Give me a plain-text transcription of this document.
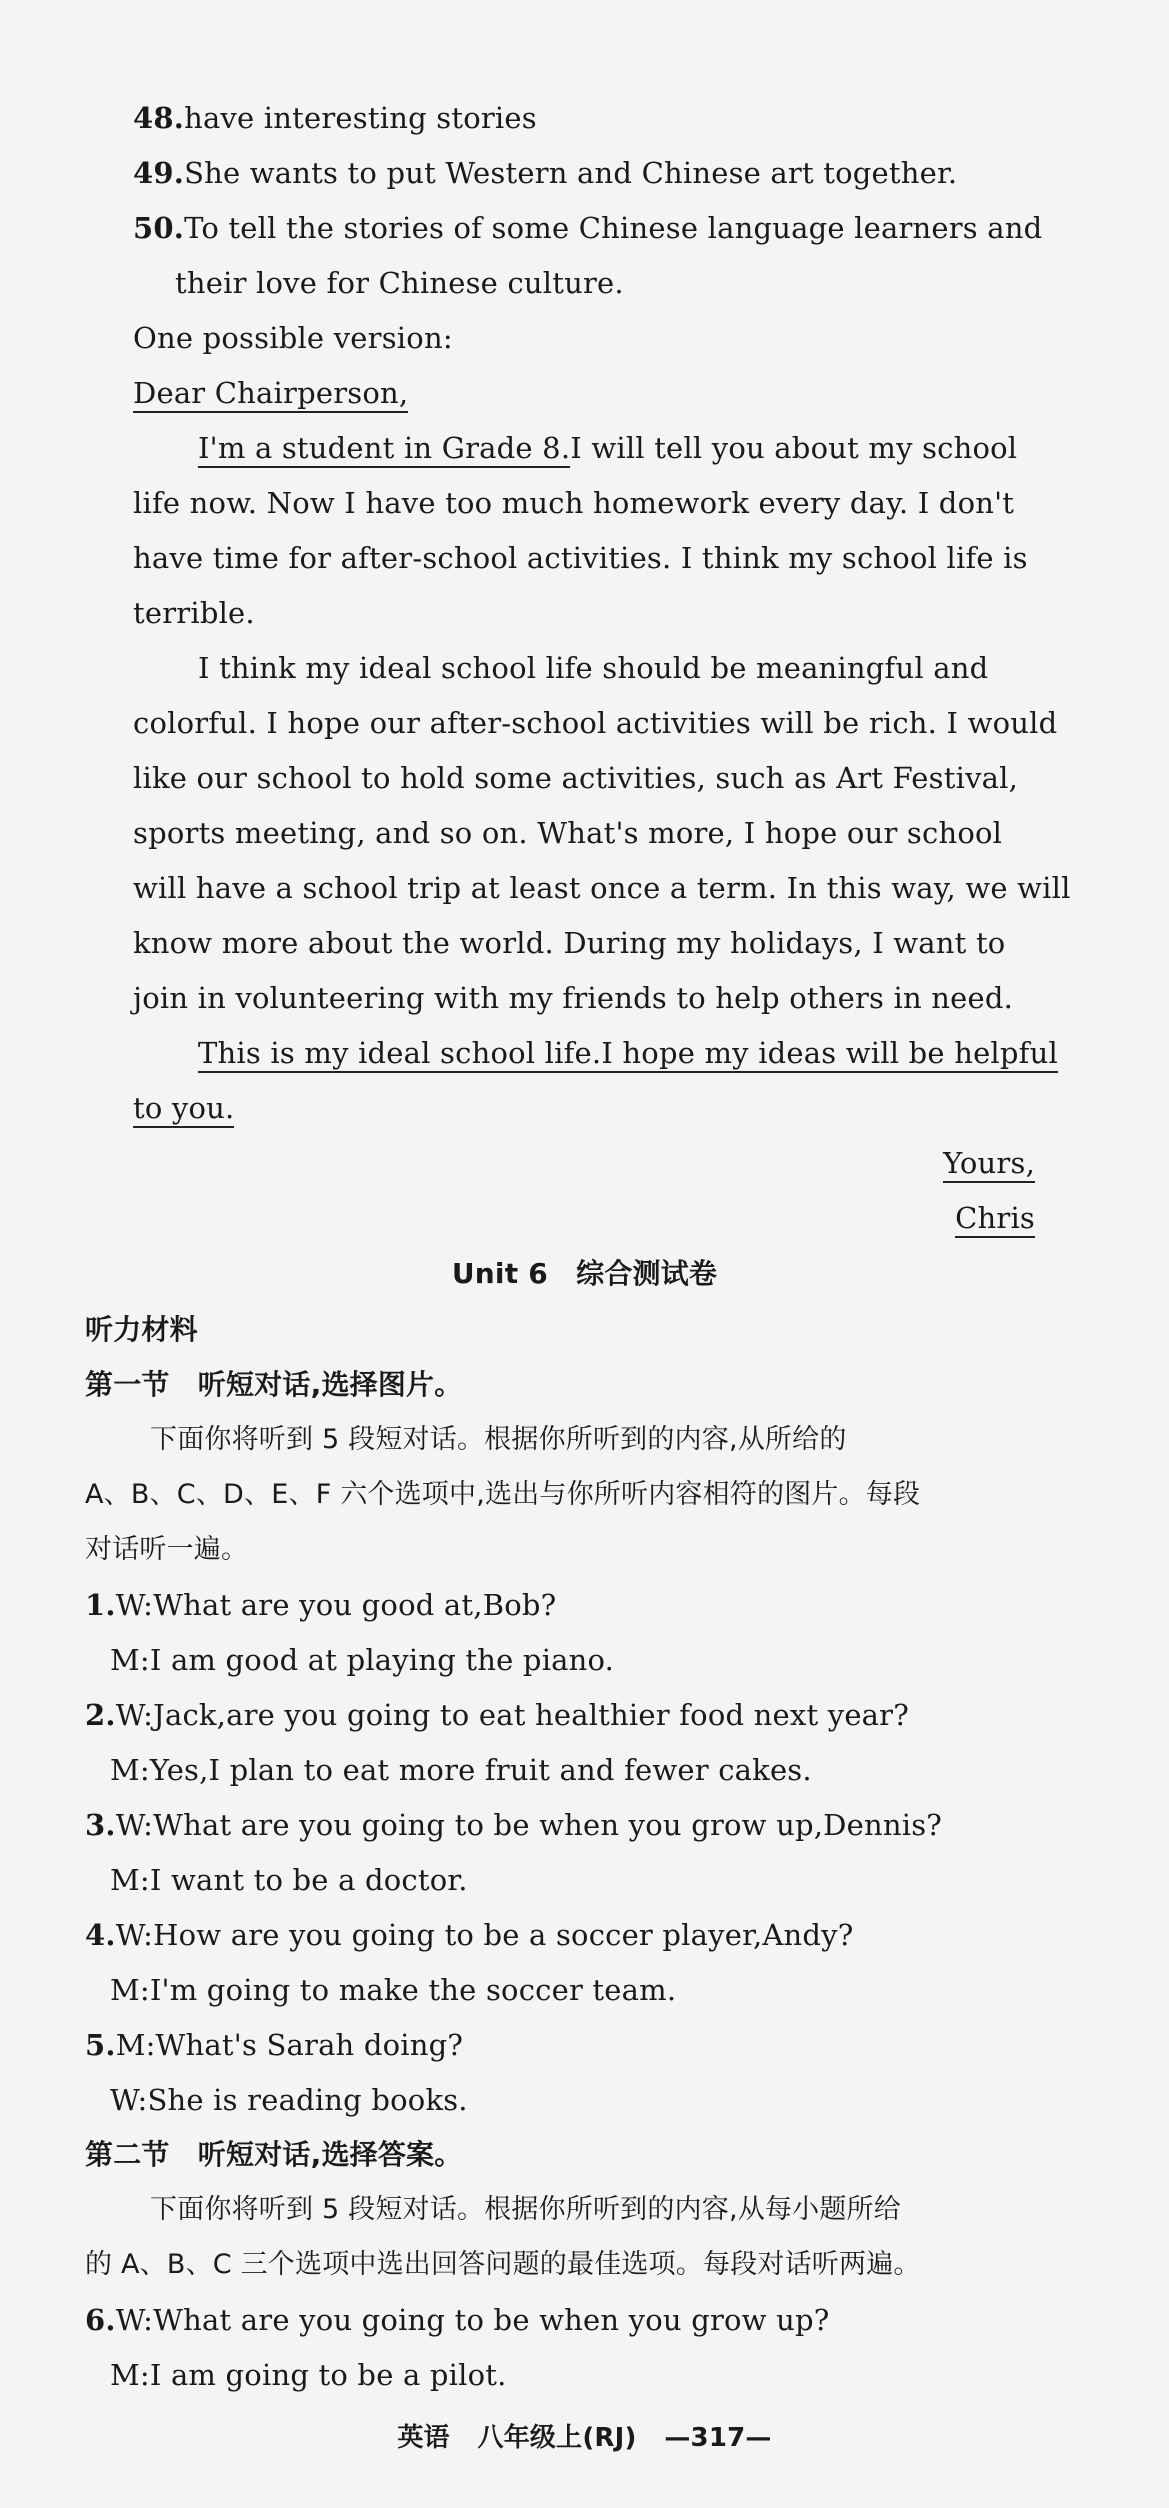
48.have interesting stories
49.She wants to put Western and Chinese art together.
50.To tell the stories of some Chinese language learners and
their love for Chinese culture.
One possible version:
Dear Chairperson,
I'm a student in Grade 8.I will tell you about my school
life now. Now I have too much homework every day. I don't
have time for after-school activities. I think my school life is
terrible.
I think my ideal school life should be meaningful and
colorful. I hope our after-school activities will be rich. I would
like our school to hold some activities, such as Art Festival,
sports meeting, and so on. What's more, I hope our school
will have a school trip at least once a term. In this way, we will
know more about the world. During my holidays, I want to
join in volunteering with my friends to help others in need.
This is my ideal school life.I hope my ideas will be helpful
to you.
Yours,
Chris
Unit 6　综合测试卷
听力材料
第一节　听短对话,选择图片。
下面你将听到 5 段短对话。根据你所听到的内容,从所给的
A、B、C、D、E、F 六个选项中,选出与你所听内容相符的图片。每段
对话听一遍。
1.W:What are you good at,Bob?
M:I am good at playing the piano.
2.W:Jack,are you going to eat healthier food next year?
M:Yes,I plan to eat more fruit and fewer cakes.
3.W:What are you going to be when you grow up,Dennis?
M:I want to be a doctor.
4.W:How are you going to be a soccer player,Andy?
M:I'm going to make the soccer team.
5.M:What's Sarah doing?
W:She is reading books.
第二节　听短对话,选择答案。
下面你将听到 5 段短对话。根据你所听到的内容,从每小题所给
的 A、B、C 三个选项中选出回答问题的最佳选项。每段对话听两遍。
6.W:What are you going to be when you grow up?
M:I am going to be a pilot.
英语 八年级上(RJ) —317—
